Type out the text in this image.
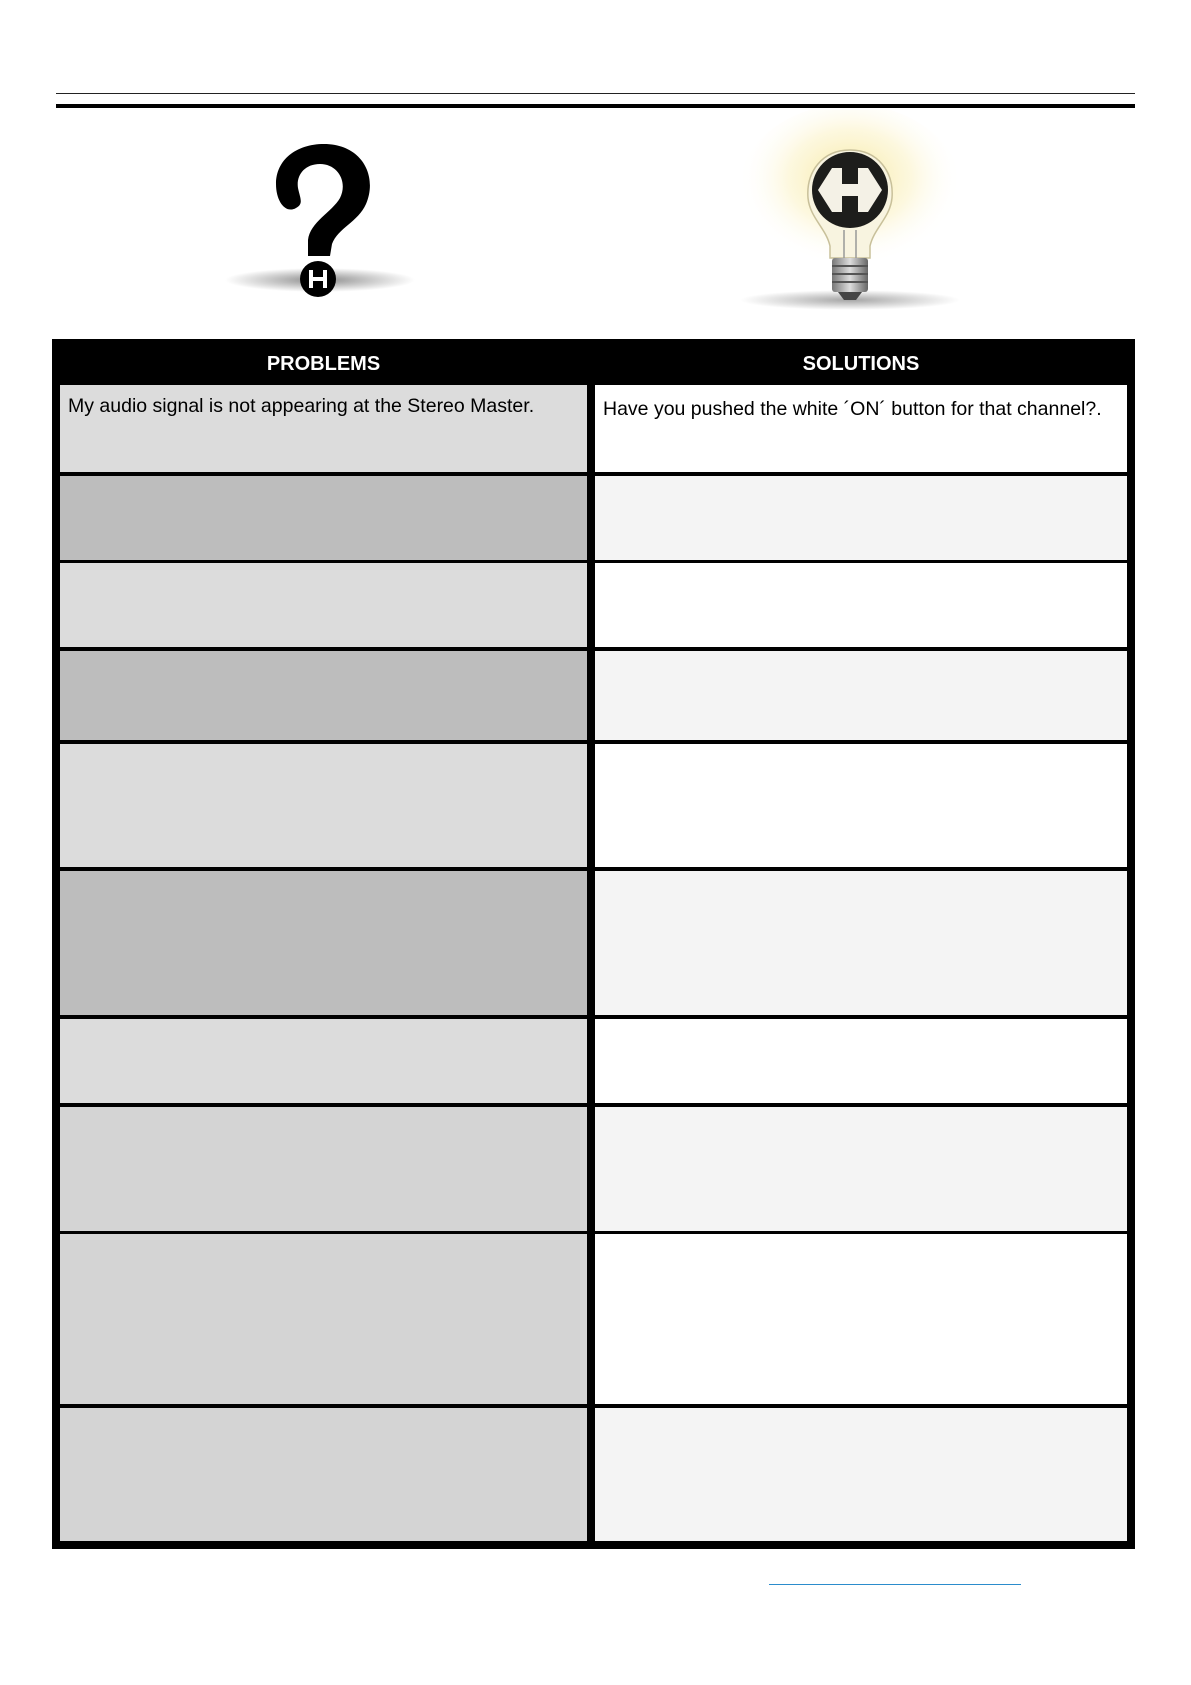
PROBLEMS	SOLUTIONS
My audio signal is not appearing at the Stereo Master.	Have you pushed the white ´ON´ button for that channel?.
